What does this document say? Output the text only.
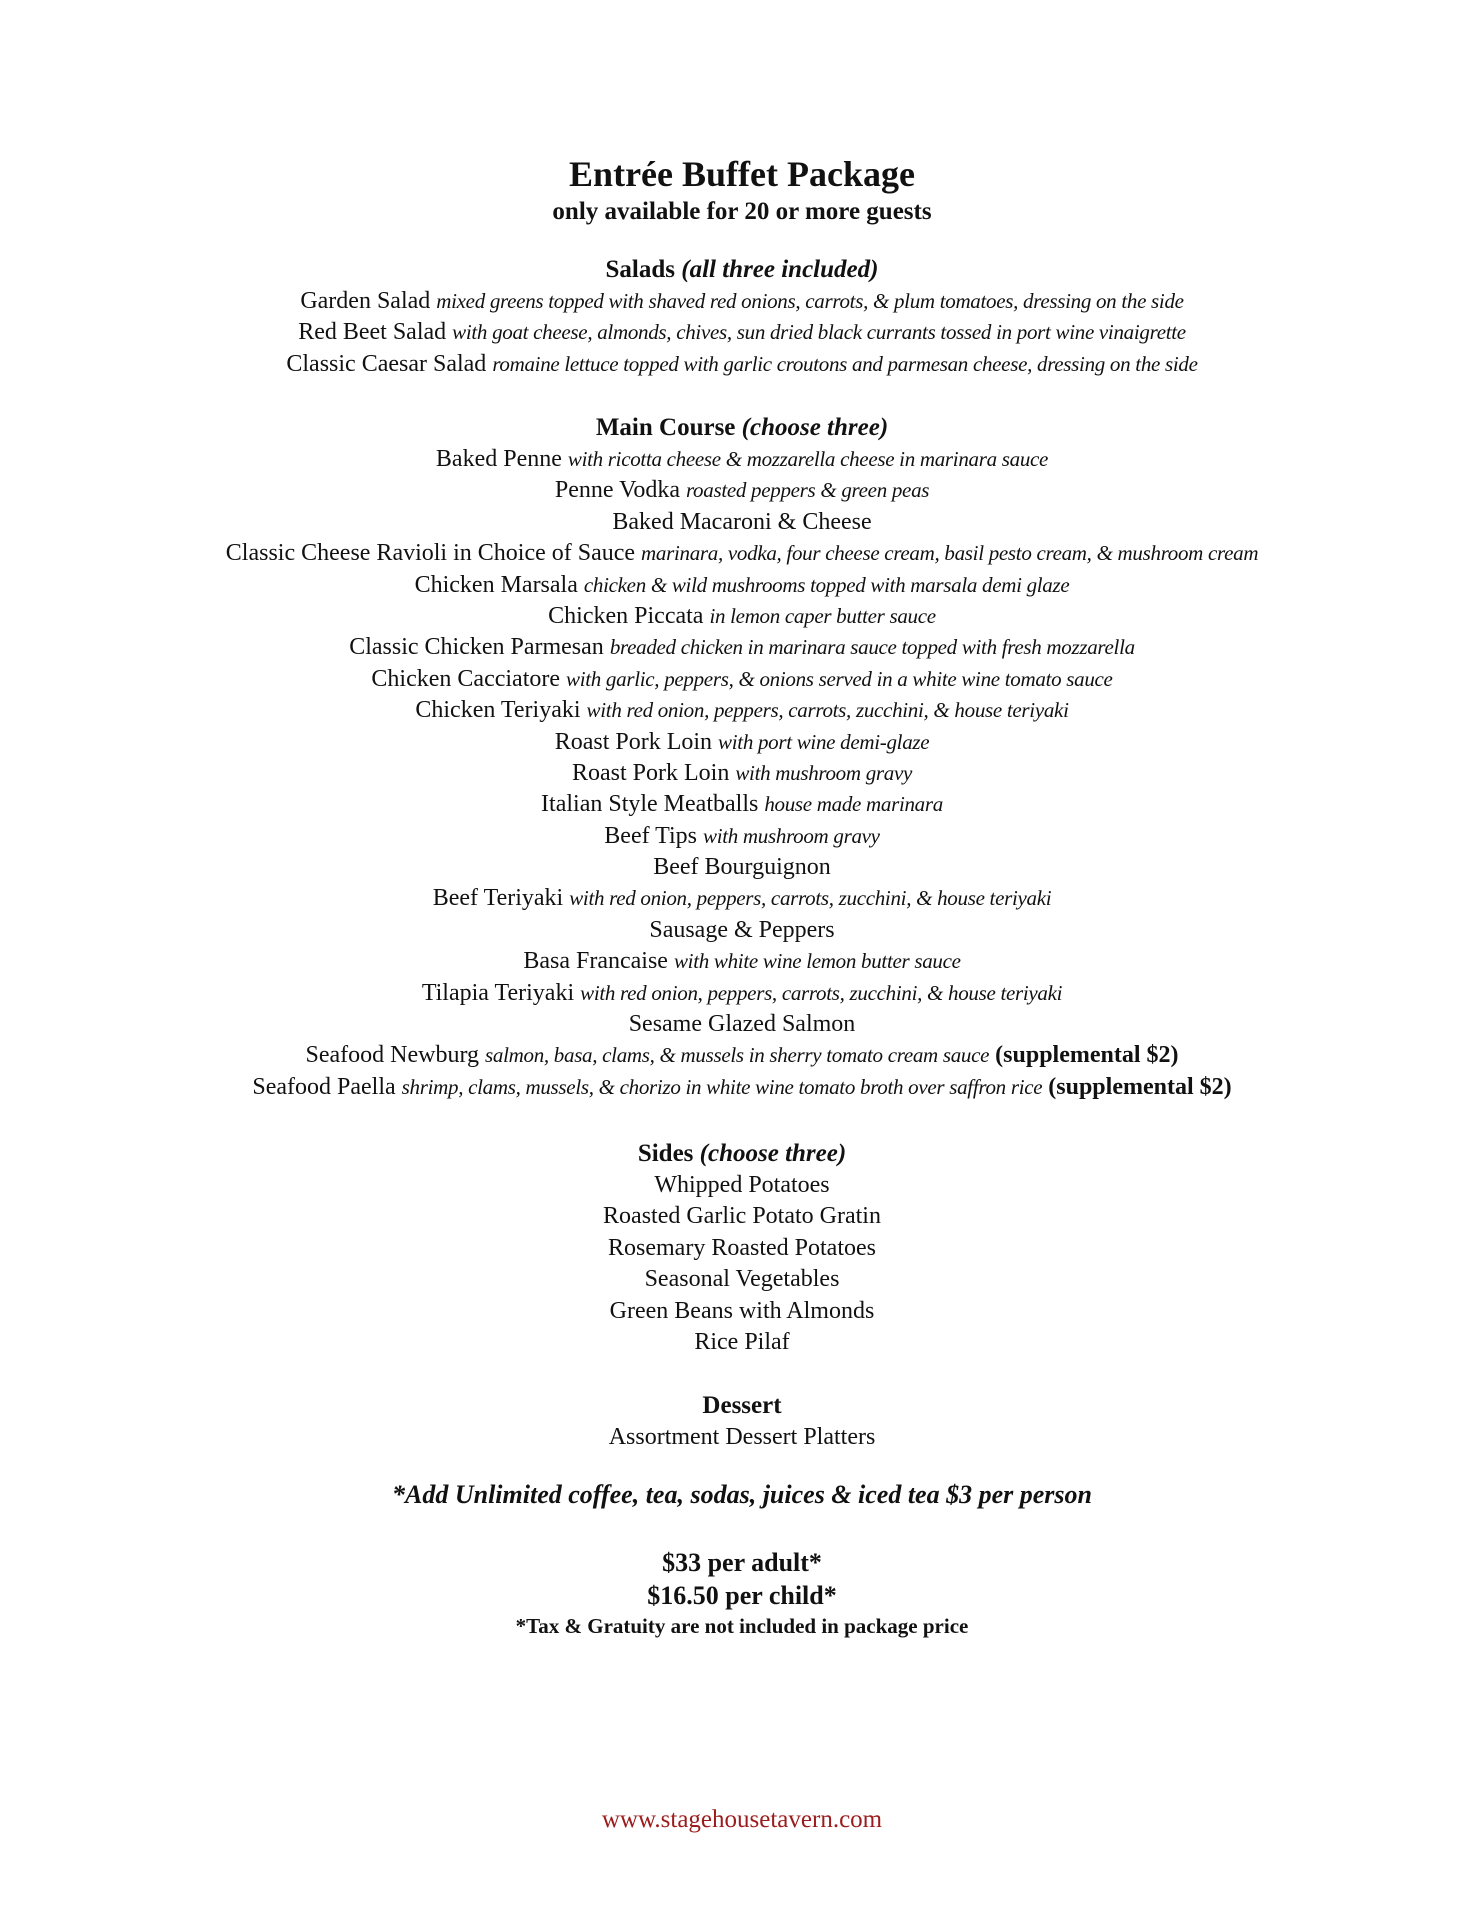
Entrée Buffet Package
only available for 20 or more guests
Salads (all three included)
Garden Salad mixed greens topped with shaved red onions, carrots, & plum tomatoes, dressing on the side
Red Beet Salad with goat cheese, almonds, chives, sun dried black currants tossed in port wine vinaigrette
Classic Caesar Salad romaine lettuce topped with garlic croutons and parmesan cheese, dressing on the side
Main Course (choose three)
Baked Penne with ricotta cheese & mozzarella cheese in marinara sauce
Penne Vodka roasted peppers & green peas
Baked Macaroni & Cheese
Classic Cheese Ravioli in Choice of Sauce marinara, vodka, four cheese cream, basil pesto cream, & mushroom cream
Chicken Marsala chicken & wild mushrooms topped with marsala demi glaze
Chicken Piccata in lemon caper butter sauce
Classic Chicken Parmesan breaded chicken in marinara sauce topped with fresh mozzarella
Chicken Cacciatore with garlic, peppers, & onions served in a white wine tomato sauce
Chicken Teriyaki with red onion, peppers, carrots, zucchini, & house teriyaki
Roast Pork Loin with port wine demi-glaze
Roast Pork Loin with mushroom gravy
Italian Style Meatballs house made marinara
Beef Tips with mushroom gravy
Beef Bourguignon
Beef Teriyaki with red onion, peppers, carrots, zucchini, & house teriyaki
Sausage & Peppers
Basa Francaise with white wine lemon butter sauce
Tilapia Teriyaki with red onion, peppers, carrots, zucchini, & house teriyaki
Sesame Glazed Salmon
Seafood Newburg salmon, basa, clams, & mussels in sherry tomato cream sauce (supplemental $2)
Seafood Paella shrimp, clams, mussels, & chorizo in white wine tomato broth over saffron rice (supplemental $2)
Sides (choose three)
Whipped Potatoes
Roasted Garlic Potato Gratin
Rosemary Roasted Potatoes
Seasonal Vegetables
Green Beans with Almonds
Rice Pilaf
Dessert
Assortment Dessert Platters
*Add Unlimited coffee, tea, sodas, juices & iced tea $3 per person
$33 per adult*
$16.50 per child*
*Tax & Gratuity are not included in package price
www.stagehousetavern.com
